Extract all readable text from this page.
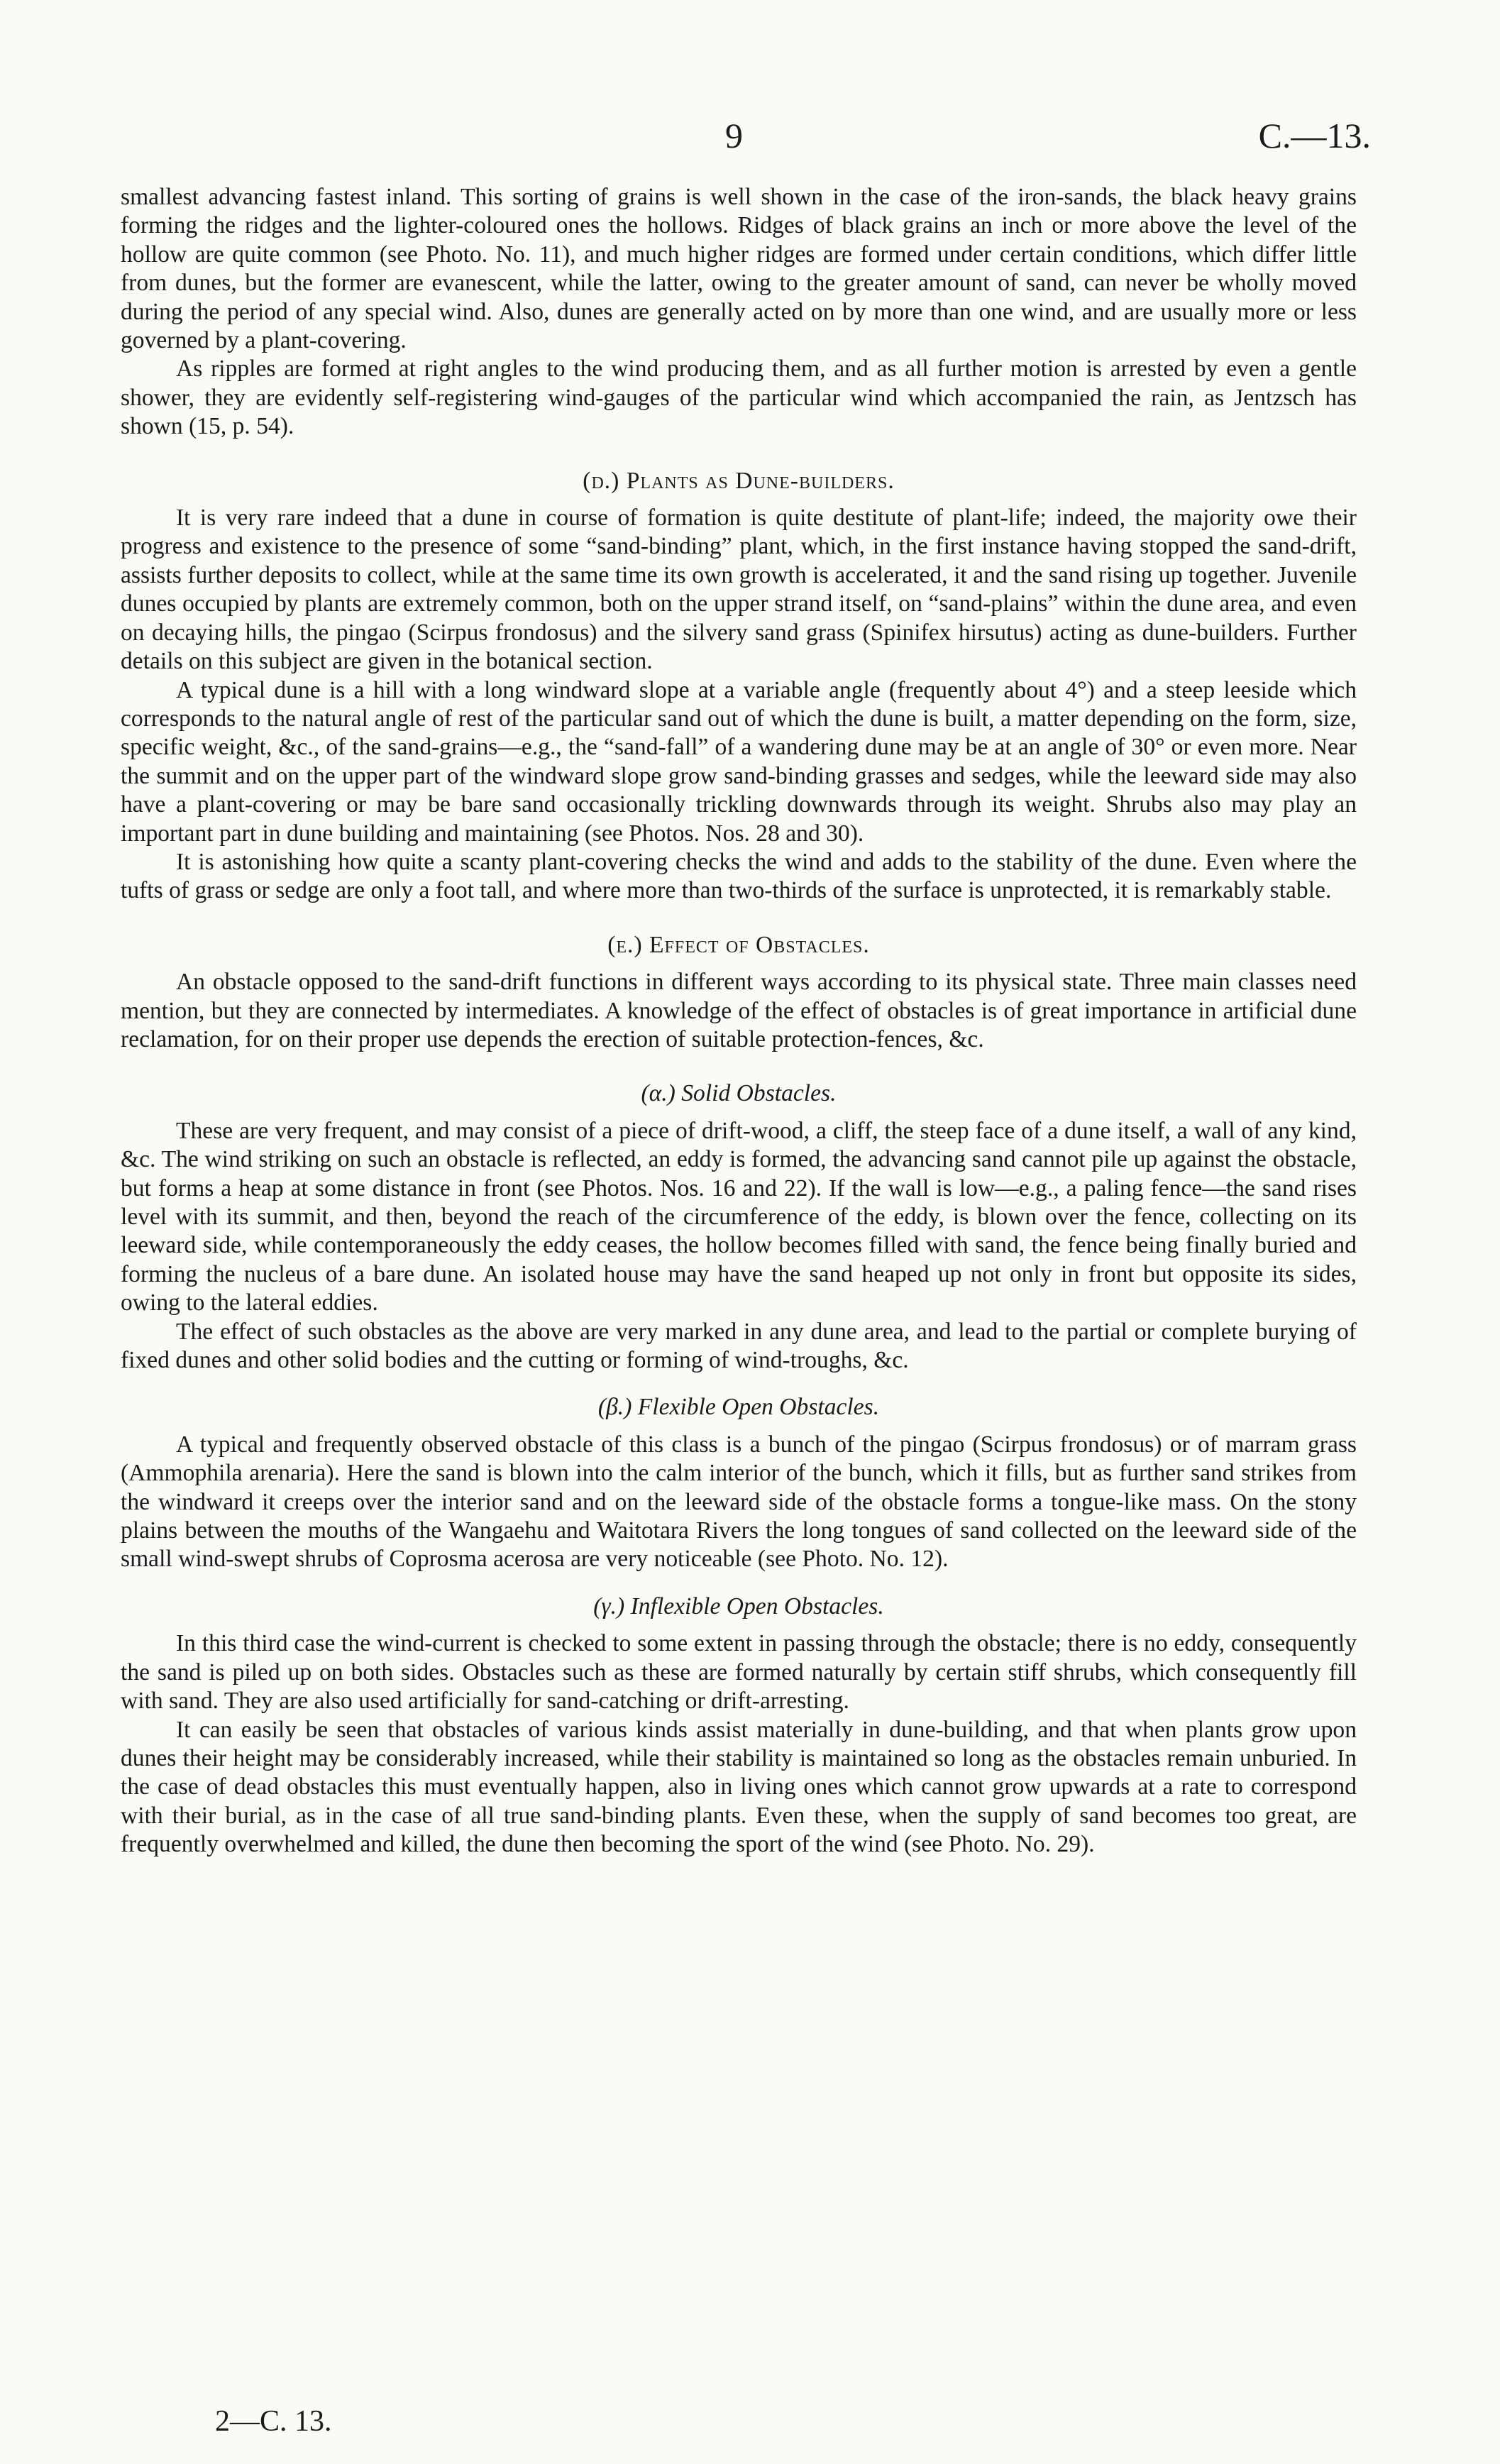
9	C.—13.

smallest advancing fastest inland. This sorting of grains is well shown in the case of the iron-sands, the black heavy grains forming the ridges and the lighter-coloured ones the hollows. Ridges of black grains an inch or more above the level of the hollow are quite common (see Photo. No. 11), and much higher ridges are formed under certain conditions, which differ little from dunes, but the former are evanescent, while the latter, owing to the greater amount of sand, can never be wholly moved during the period of any special wind. Also, dunes are generally acted on by more than one wind, and are usually more or less governed by a plant-covering.

As ripples are formed at right angles to the wind producing them, and as all further motion is arrested by even a gentle shower, they are evidently self-registering wind-gauges of the particular wind which accompanied the rain, as Jentzsch has shown (15, p. 54).

(d.) Plants as Dune-builders.

It is very rare indeed that a dune in course of formation is quite destitute of plant-life; indeed, the majority owe their progress and existence to the presence of some “sand-binding” plant, which, in the first instance having stopped the sand-drift, assists further deposits to collect, while at the same time its own growth is accelerated, it and the sand rising up together. Juvenile dunes occupied by plants are extremely common, both on the upper strand itself, on “sand-plains” within the dune area, and even on decaying hills, the pingao (Scirpus frondosus) and the silvery sand grass (Spinifex hirsutus) acting as dune-builders. Further details on this subject are given in the botanical section.

A typical dune is a hill with a long windward slope at a variable angle (frequently about 4°) and a steep leeside which corresponds to the natural angle of rest of the particular sand out of which the dune is built, a matter depending on the form, size, specific weight, &c., of the sand-grains—e.g., the “sand-fall” of a wandering dune may be at an angle of 30° or even more. Near the summit and on the upper part of the windward slope grow sand-binding grasses and sedges, while the leeward side may also have a plant-covering or may be bare sand occasionally trickling downwards through its weight. Shrubs also may play an important part in dune building and maintaining (see Photos. Nos. 28 and 30).

It is astonishing how quite a scanty plant-covering checks the wind and adds to the stability of the dune. Even where the tufts of grass or sedge are only a foot tall, and where more than two-thirds of the surface is unprotected, it is remarkably stable.

(e.) Effect of Obstacles.

An obstacle opposed to the sand-drift functions in different ways according to its physical state. Three main classes need mention, but they are connected by intermediates. A knowledge of the effect of obstacles is of great importance in artificial dune reclamation, for on their proper use depends the erection of suitable protection-fences, &c.

(α.) Solid Obstacles.

These are very frequent, and may consist of a piece of drift-wood, a cliff, the steep face of a dune itself, a wall of any kind, &c. The wind striking on such an obstacle is reflected, an eddy is formed, the advancing sand cannot pile up against the obstacle, but forms a heap at some distance in front (see Photos. Nos. 16 and 22). If the wall is low—e.g., a paling fence—the sand rises level with its summit, and then, beyond the reach of the circumference of the eddy, is blown over the fence, collecting on its leeward side, while contemporaneously the eddy ceases, the hollow becomes filled with sand, the fence being finally buried and forming the nucleus of a bare dune. An isolated house may have the sand heaped up not only in front but opposite its sides, owing to the lateral eddies.

The effect of such obstacles as the above are very marked in any dune area, and lead to the partial or complete burying of fixed dunes and other solid bodies and the cutting or forming of wind-troughs, &c.

(β.) Flexible Open Obstacles.

A typical and frequently observed obstacle of this class is a bunch of the pingao (Scirpus frondosus) or of marram grass (Ammophila arenaria). Here the sand is blown into the calm interior of the bunch, which it fills, but as further sand strikes from the windward it creeps over the interior sand and on the leeward side of the obstacle forms a tongue-like mass. On the stony plains between the mouths of the Wangaehu and Waitotara Rivers the long tongues of sand collected on the leeward side of the small wind-swept shrubs of Coprosma acerosa are very noticeable (see Photo. No. 12).

(γ.) Inflexible Open Obstacles.

In this third case the wind-current is checked to some extent in passing through the obstacle; there is no eddy, consequently the sand is piled up on both sides. Obstacles such as these are formed naturally by certain stiff shrubs, which consequently fill with sand. They are also used artificially for sand-catching or drift-arresting.

It can easily be seen that obstacles of various kinds assist materially in dune-building, and that when plants grow upon dunes their height may be considerably increased, while their stability is maintained so long as the obstacles remain unburied. In the case of dead obstacles this must eventually happen, also in living ones which cannot grow upwards at a rate to correspond with their burial, as in the case of all true sand-binding plants. Even these, when the supply of sand becomes too great, are frequently overwhelmed and killed, the dune then becoming the sport of the wind (see Photo. No. 29).

2—C. 13.
